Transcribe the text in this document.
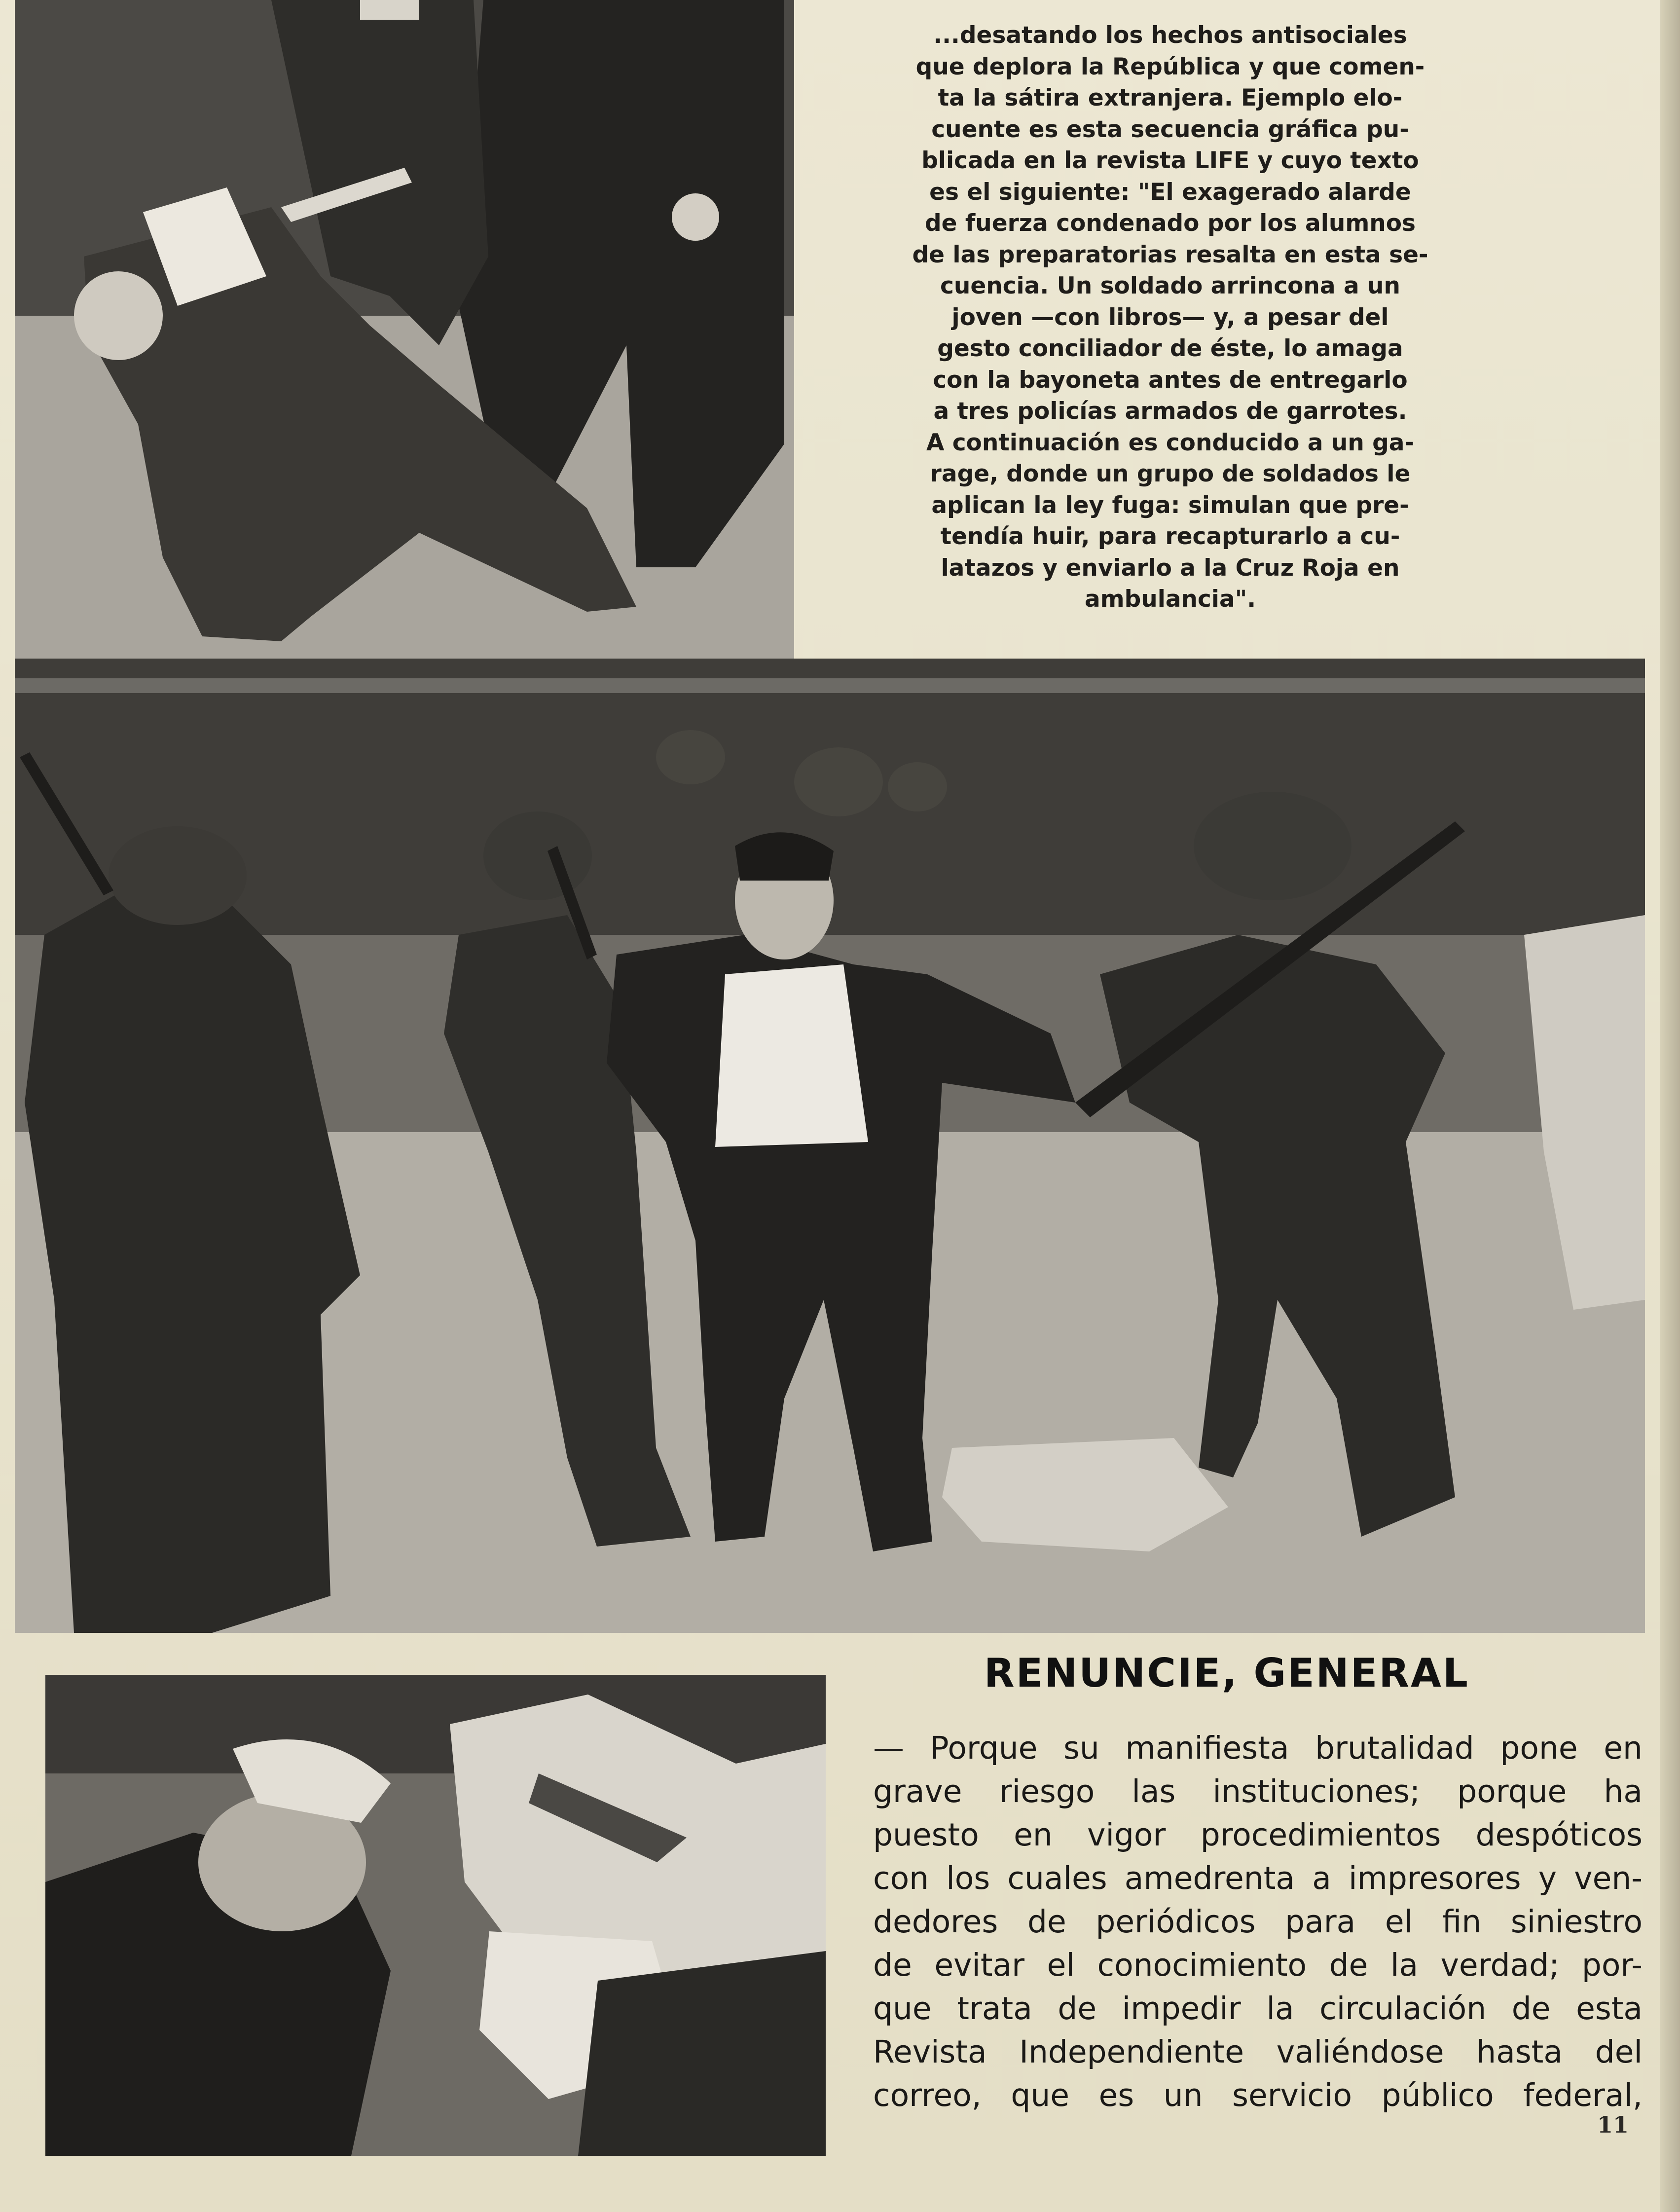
...desatando los hechos antisociales
que deplora la República y que comen-
ta la sátira extranjera. Ejemplo elo-
cuente es esta secuencia gráfica pu-
blicada en la revista LIFE y cuyo texto
es el siguiente: "El exagerado alarde
de fuerza condenado por los alumnos
de las preparatorias resalta en esta se-
cuencia. Un soldado arrincona a un
joven —con libros— y, a pesar del
gesto conciliador de éste, lo amaga
con la bayoneta antes de entregarlo
a tres policías armados de garrotes.
A continuación es conducido a un ga-
rage, donde un grupo de soldados le
aplican la ley fuga: simulan que pre-
tendía huir, para recapturarlo a cu-
latazos y enviarlo a la Cruz Roja en
ambulancia".
RENUNCIE, GENERAL
— Porque su manifiesta brutalidad pone en
grave riesgo las instituciones; porque ha
puesto en vigor procedimientos despóticos
con los cuales amedrenta a impresores y ven-
dedores de periódicos para el fin siniestro
de evitar el conocimiento de la verdad; por-
que trata de impedir la circulación de esta
Revista Independiente valiéndose hasta del
correo, que es un servicio público federal,
11
